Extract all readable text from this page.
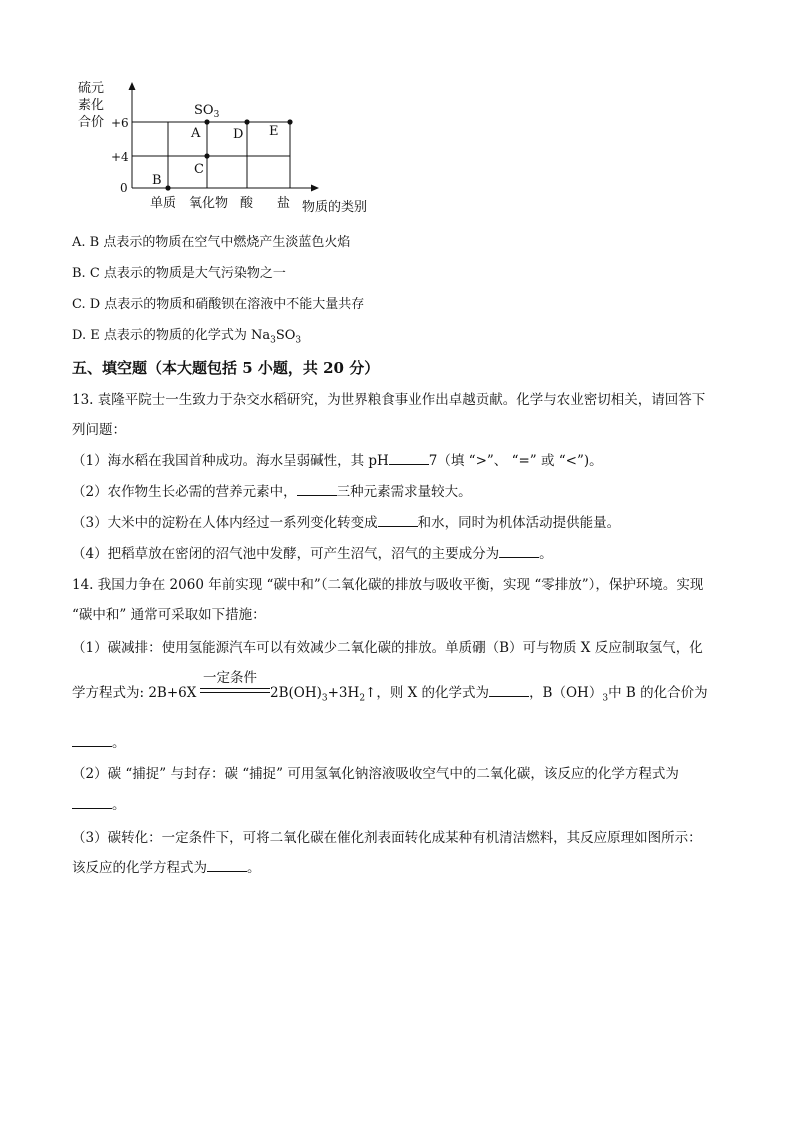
硫元
素化
合价 +6
+4
0 B
A
C
D E
$SO_3$
单质 氧化物 酸 盐 物质的类别
A. B 点表示的物质在空气中燃烧产生淡蓝色火焰
B. C 点表示的物质是大气污染物之一
C. D 点表示的物质和硝酸钡在溶液中不能大量共存
D. E 点表示的物质的化学式为 $Na_3SO_3$
五、填空题（本大题包括 5 小题，共 20 分）
13. 袁隆平院士一生致力于杂交水稻研究，为世界粮食事业作出卓越贡献。化学与农业密切相关，请回答下
列问题：
（1）海水稻在我国首种成功。海水呈弱碱性，其 pH	7（填 “>”、 “=” 或 “<”)。
（2）农作物生长必需的营养元素中，	三种元素需求量较大。
（3）大米中的淀粉在人体内经过一系列变化转变成	和水，同时为机体活动提供能量。
（4）把稻草放在密闭的沼气池中发酵，可产生沼气，沼气的主要成分为	。
14. 我国力争在 2060 年前实现 “碳中和”（二氧化碳的排放与吸收平衡，实现 “零排放”），保护环境。实现
“碳中和” 通常可采取如下措施：
（1）碳减排：使用氢能源汽车可以有效减少二氧化碳的排放。单质硼（B）可与物质 X 反应制取氢气，化
一定条件
学方程式为: 2B+6X	$2B(OH)_3+3H_2↑$，则 X 的化学式为	，$B(OH)_3$中 B 的化合价为
。
（2）碳 “捕捉” 与封存：碳 “捕捉” 可用氢氧化钠溶液吸收空气中的二氧化碳，该反应的化学方程式为
。
（3）碳转化：一定条件下，可将二氧化碳在催化剂表面转化成某种有机清洁燃料，其反应原理如图所示：
该反应的化学方程式为	。
